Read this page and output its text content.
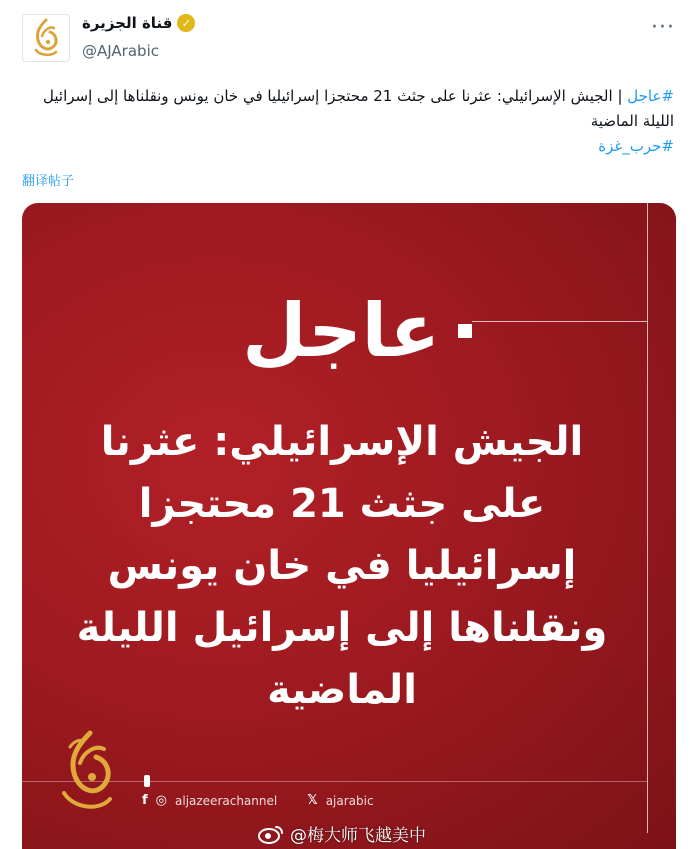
قناة الجزيرة ✓
@AJArabic
···
#عاجل | الجيش الإسرائيلي: عثرنا على جثث 21 محتجزا إسرائيليا في خان يونس ونقلناها إلى إسرائيل الليلة الماضية
#حرب_غزة
翻译帖子
عاجل
الجيش الإسرائيلي: عثرنا على جثث 21 محتجزا إسرائيليا في خان يونس ونقلناها إلى إسرائيل الليلة الماضية
f ◎ aljazeerachannel 𝕏 ajarabic
@梅大师飞越美中
